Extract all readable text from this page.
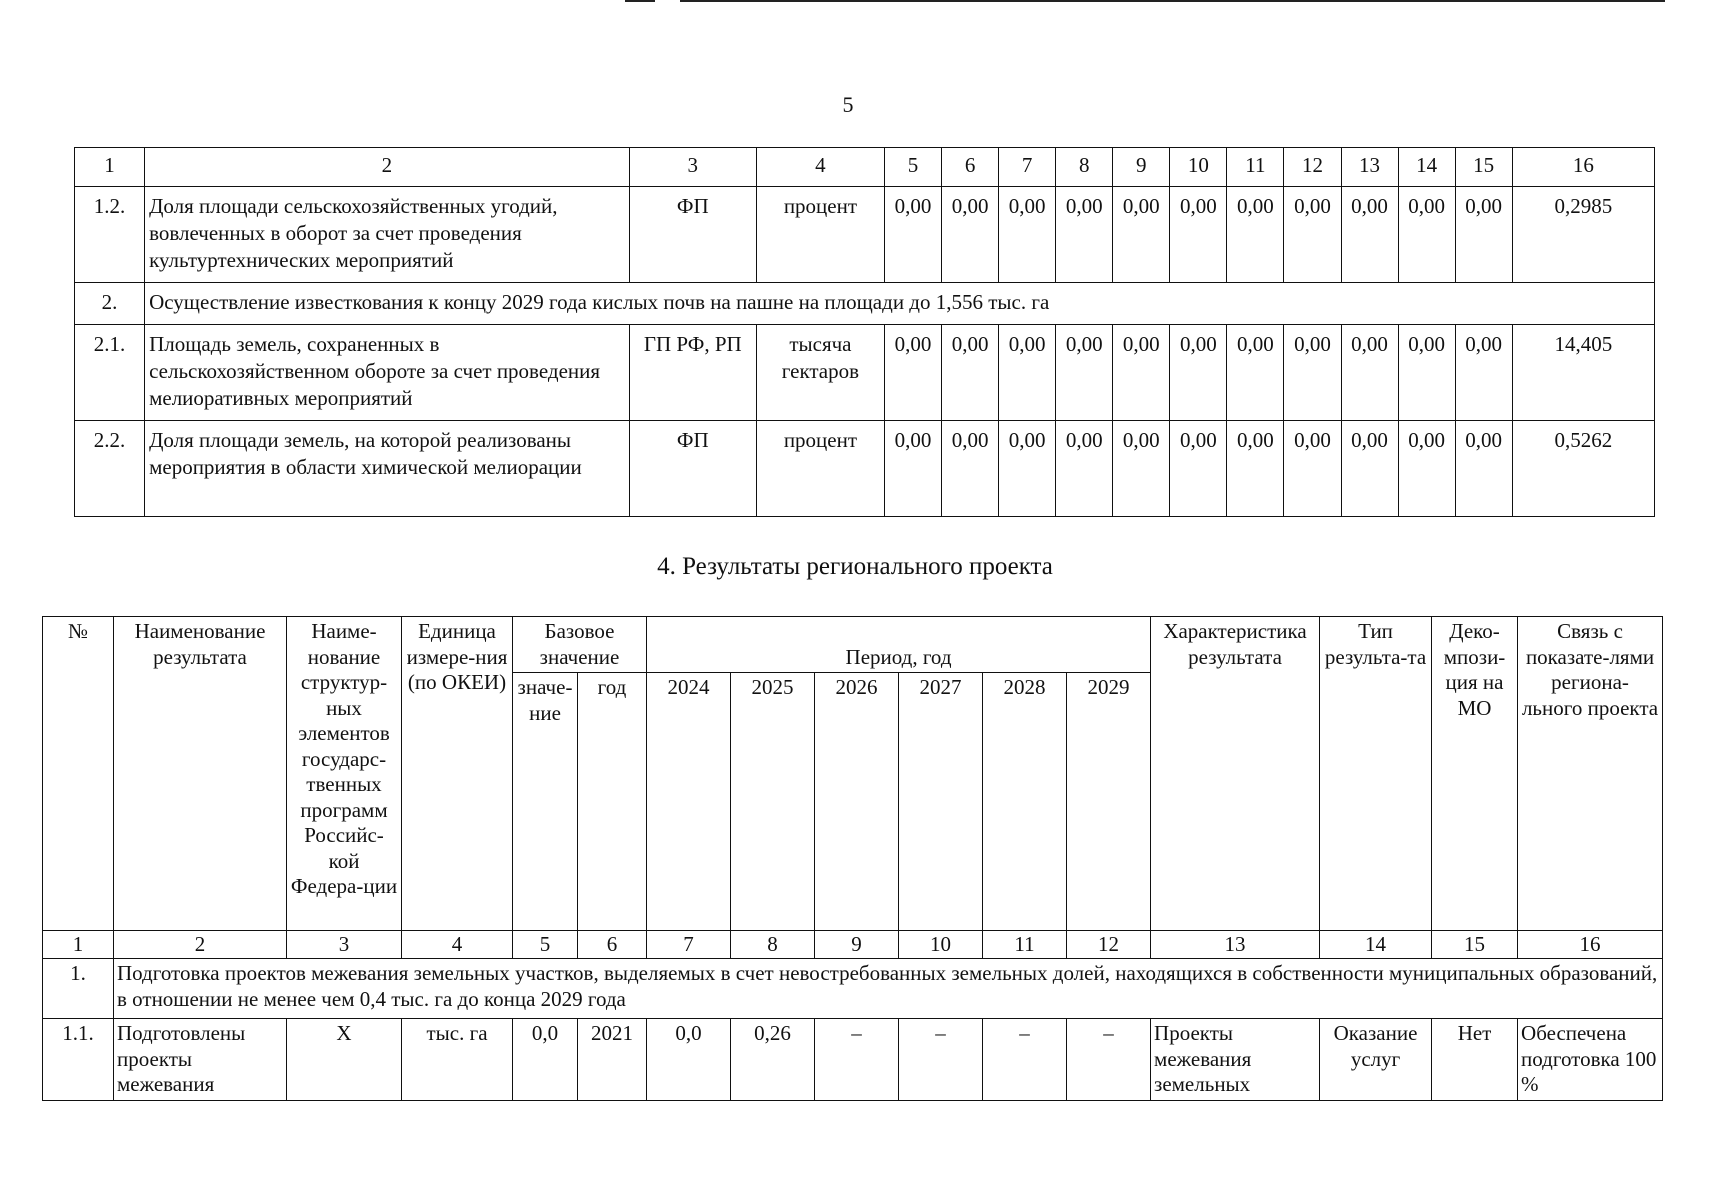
5
1	2	3	4	5	6	7	8	9	10	11	12	13	14	15	16
1.2.	Доля площади сельскохозяйственных угодий, вовлеченных в оборот за счет проведения культуртехнических мероприятий	ФП	процент	0,00	0,00	0,00	0,00	0,00	0,00	0,00	0,00	0,00	0,00	0,00	0,2985
2.	Осуществление известкования к концу 2029 года кислых почв на пашне на площади до 1,556 тыс. га														
2.1.	Площадь земель, сохраненных в сельскохозяйственном обороте за счет проведения мелиоративных мероприятий	ГП РФ, РП	тысяча гектаров	0,00	0,00	0,00	0,00	0,00	0,00	0,00	0,00	0,00	0,00	0,00	14,405
2.2.	Доля площади земель, на которой реализованы мероприятия в области химической мелиорации	ФП	процент	0,00	0,00	0,00	0,00	0,00	0,00	0,00	0,00	0,00	0,00	0,00	0,5262
4. Результаты регионального проекта
№	Наименование результата	Наиме-нование структур-ных элементов государс-твенных программ Российс-кой Федера-ции	Единица измере-ния (по ОКЕИ)	Базовое значение		Период, год						Характеристика результата	Тип результа-та	Деко-мпози-ция на МО	Связь с показате-лями региона-льного проекта
				значе-ние	год	2024	2025	2026	2027	2028	2029				
1	2	3	4	5	6	7	8	9	10	11	12	13	14	15	16
1.	Подготовка проектов межевания земельных участков, выделяемых в счет невостребованных земельных долей, находящихся в собственности муниципальных образований, в отношении не менее чем 0,4 тыс. га до конца 2029 года														
1.1.	Подготовлены проекты межевания	Х	тыс. га	0,0	2021	0,0	0,26	–	–	–	–	Проекты межевания земельных	Оказание услуг	Нет	Обеспечена подготовка 100 %
